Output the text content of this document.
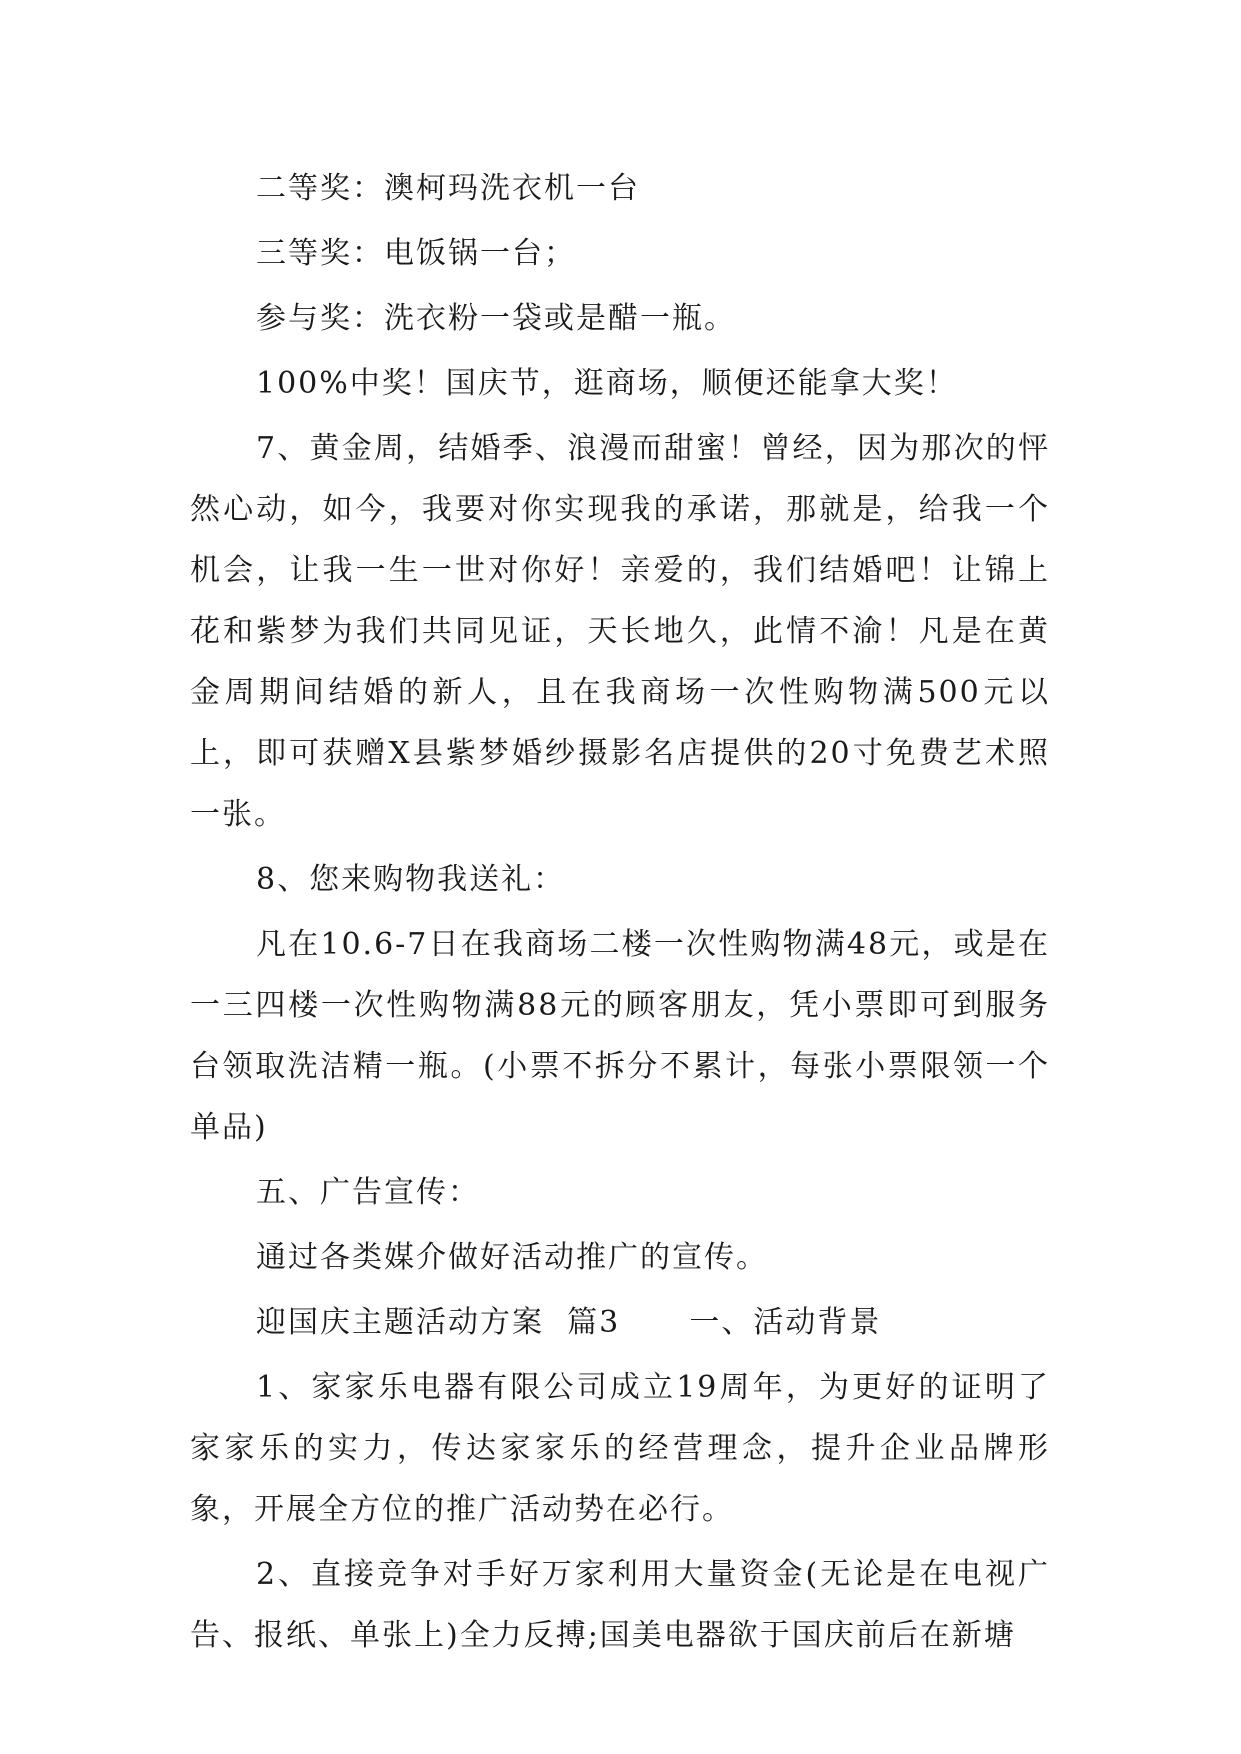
二等奖：澳柯玛洗衣机一台

三等奖：电饭锅一台；

参与奖：洗衣粉一袋或是醋一瓶。

100%中奖！国庆节，逛商场，顺便还能拿大奖！

7、黄金周，结婚季、浪漫而甜蜜！曾经，因为那次的怦然心动，如今，我要对你实现我的承诺，那就是，给我一个机会，让我一生一世对你好！亲爱的，我们结婚吧！让锦上花和紫梦为我们共同见证，天长地久，此情不渝！凡是在黄金周期间结婚的新人，且在我商场一次性购物满500元以上，即可获赠X县紫梦婚纱摄影名店提供的20寸免费艺术照一张。

8、您来购物我送礼：

凡在10.6-7日在我商场二楼一次性购物满48元，或是在一三四楼一次性购物满88元的顾客朋友，凭小票即可到服务台领取洗洁精一瓶。(小票不拆分不累计，每张小票限领一个单品)

五、广告宣传：

通过各类媒介做好活动推广的宣传。

迎国庆主题活动方案  篇3      一、活动背景

1、家家乐电器有限公司成立19周年，为更好的证明了家家乐的实力，传达家家乐的经营理念，提升企业品牌形象，开展全方位的推广活动势在必行。

2、直接竞争对手好万家利用大量资金(无论是在电视广告、报纸、单张上)全力反搏;国美电器欲于国庆前后在新塘
